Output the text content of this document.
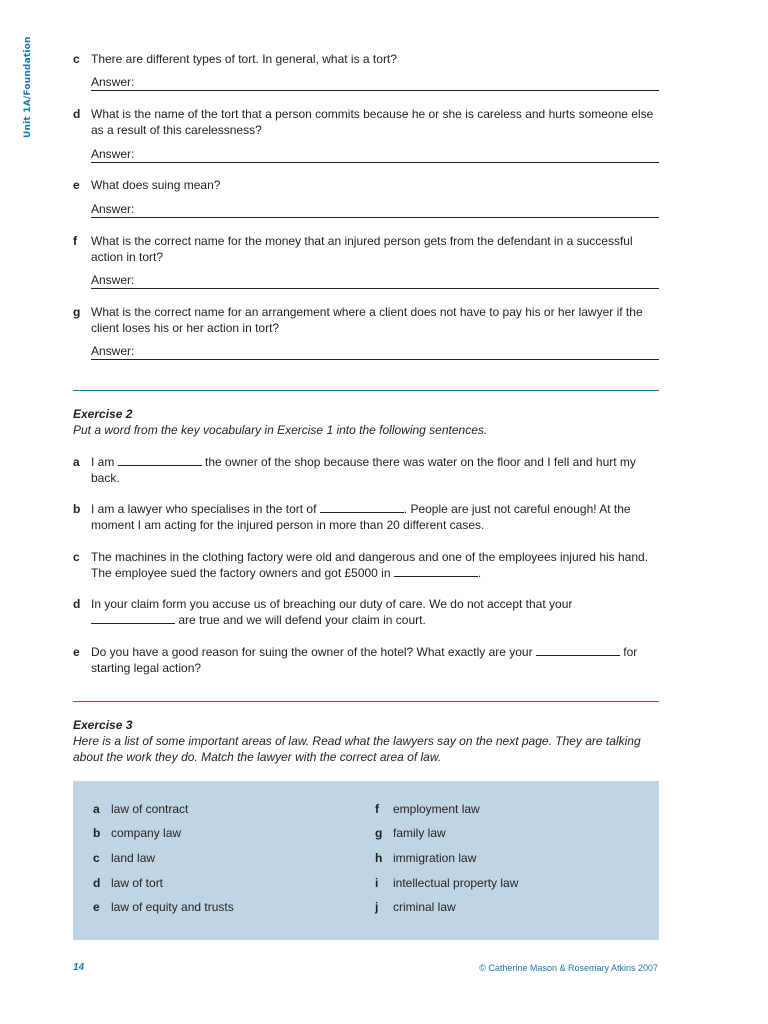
Unit 1A/Foundation	c There are different types of tort. In general, what is a tort?
Answer:
d What is the name of the tort that a person commits because he or she is careless and hurts someone else as a result of this carelessness?
Answer:
e What does suing mean?
Answer:
f	What is the correct name for the money that an injured person gets from the defendant in a successful action in tort?
Answer:
g What is the correct name for an arrangement where a client does not have to pay his or her lawyer if the client loses his or her action in tort?
Answer:
Exercise 2
Put a word from the key vocabulary in Exercise 1 into the following sentences.
a I am	the owner of the shop because there was water on the floor and I fell and hurt my back.
b I am a lawyer who specialises in the tort of	. People are just not careful enough! At the moment I am acting for the injured person in more than 20 different cases.
c The machines in the clothing factory were old and dangerous and one of the employees injured his hand. The employee sued the factory owners and got £5000 in	.
d In your claim form you accuse us of breaching our duty of care. We do not accept that your  are true and we will defend your claim in court.
e Do you have a good reason for suing the owner of the hotel? What exactly are your	for starting legal action?
Exercise 3
Here is a list of some important areas of law. Read what the lawyers say on the next page. They are talking about the work they do. Match the lawyer with the correct area of law.
a law of contract
b company law
c land law
d law of tort
e law of equity and trusts
f employment law
g family law
h immigration law
i intellectual property law
j criminal law
14	© Catherine Mason & Rosemary Atkins 2007
